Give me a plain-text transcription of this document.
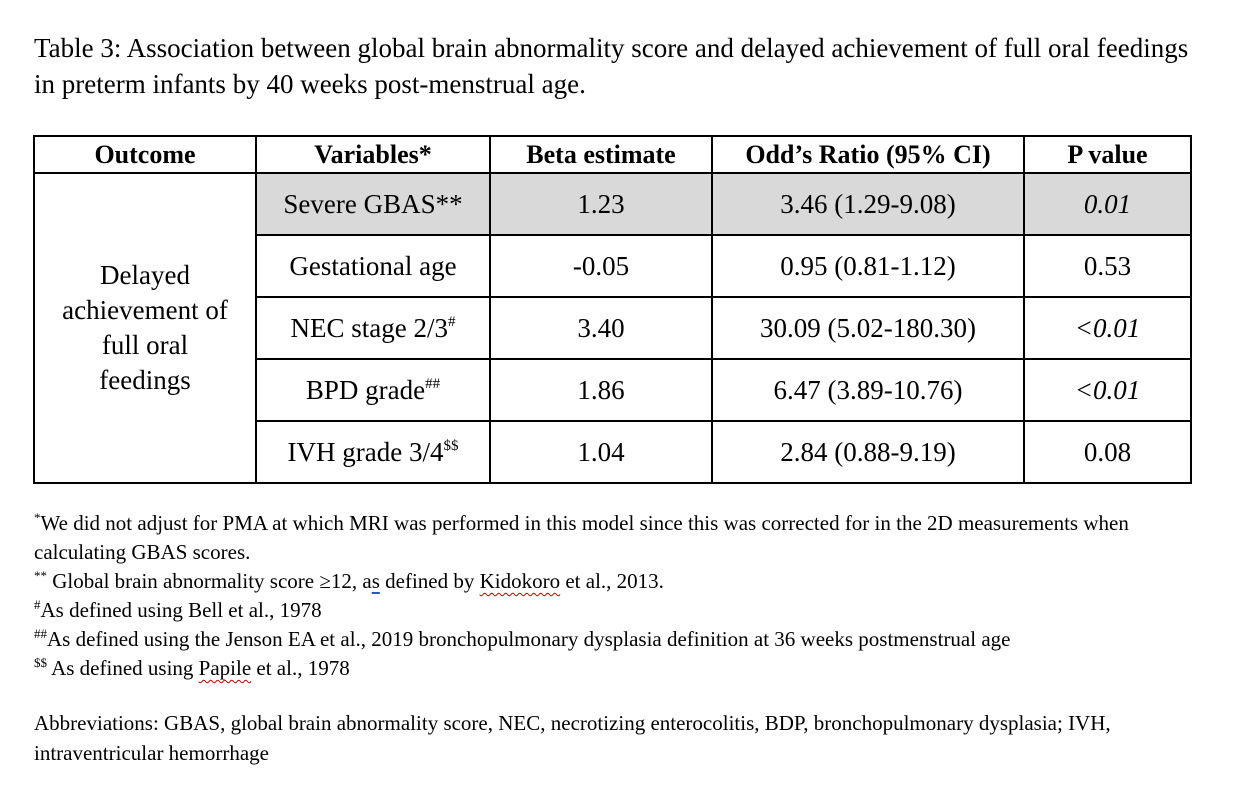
Table 3: Association between global brain abnormality score and delayed achievement of full oral feedings in preterm infants by 40 weeks post-menstrual age.
Outcome	Variables*	Beta estimate	Odd’s Ratio (95% CI)	P value

Delayed
achievement of
full oral
feedings	Severe GBAS**	1.23	3.46 (1.29-9.08)	0.01
	Gestational age	-0.05	0.95 (0.81-1.12)	0.53
	NEC stage 2/3#	3.40	30.09 (5.02-180.30)	<0.01
	BPD grade##	1.86	6.47 (3.89-10.76)	<0.01
	IVH grade 3/4$$	1.04	2.84 (0.88-9.19)	0.08
*We did not adjust for PMA at which MRI was performed in this model since this was corrected for in the 2D measurements when calculating GBAS scores.
** Global brain abnormality score ≥12, as defined by Kidokoro et al., 2013.
#As defined using Bell et al., 1978
##As defined using the Jenson EA et al., 2019 bronchopulmonary dysplasia definition at 36 weeks postmenstrual age
$$ As defined using Papile et al., 1978
Abbreviations: GBAS, global brain abnormality score, NEC, necrotizing enterocolitis, BDP, bronchopulmonary dysplasia; IVH, intraventricular hemorrhage
